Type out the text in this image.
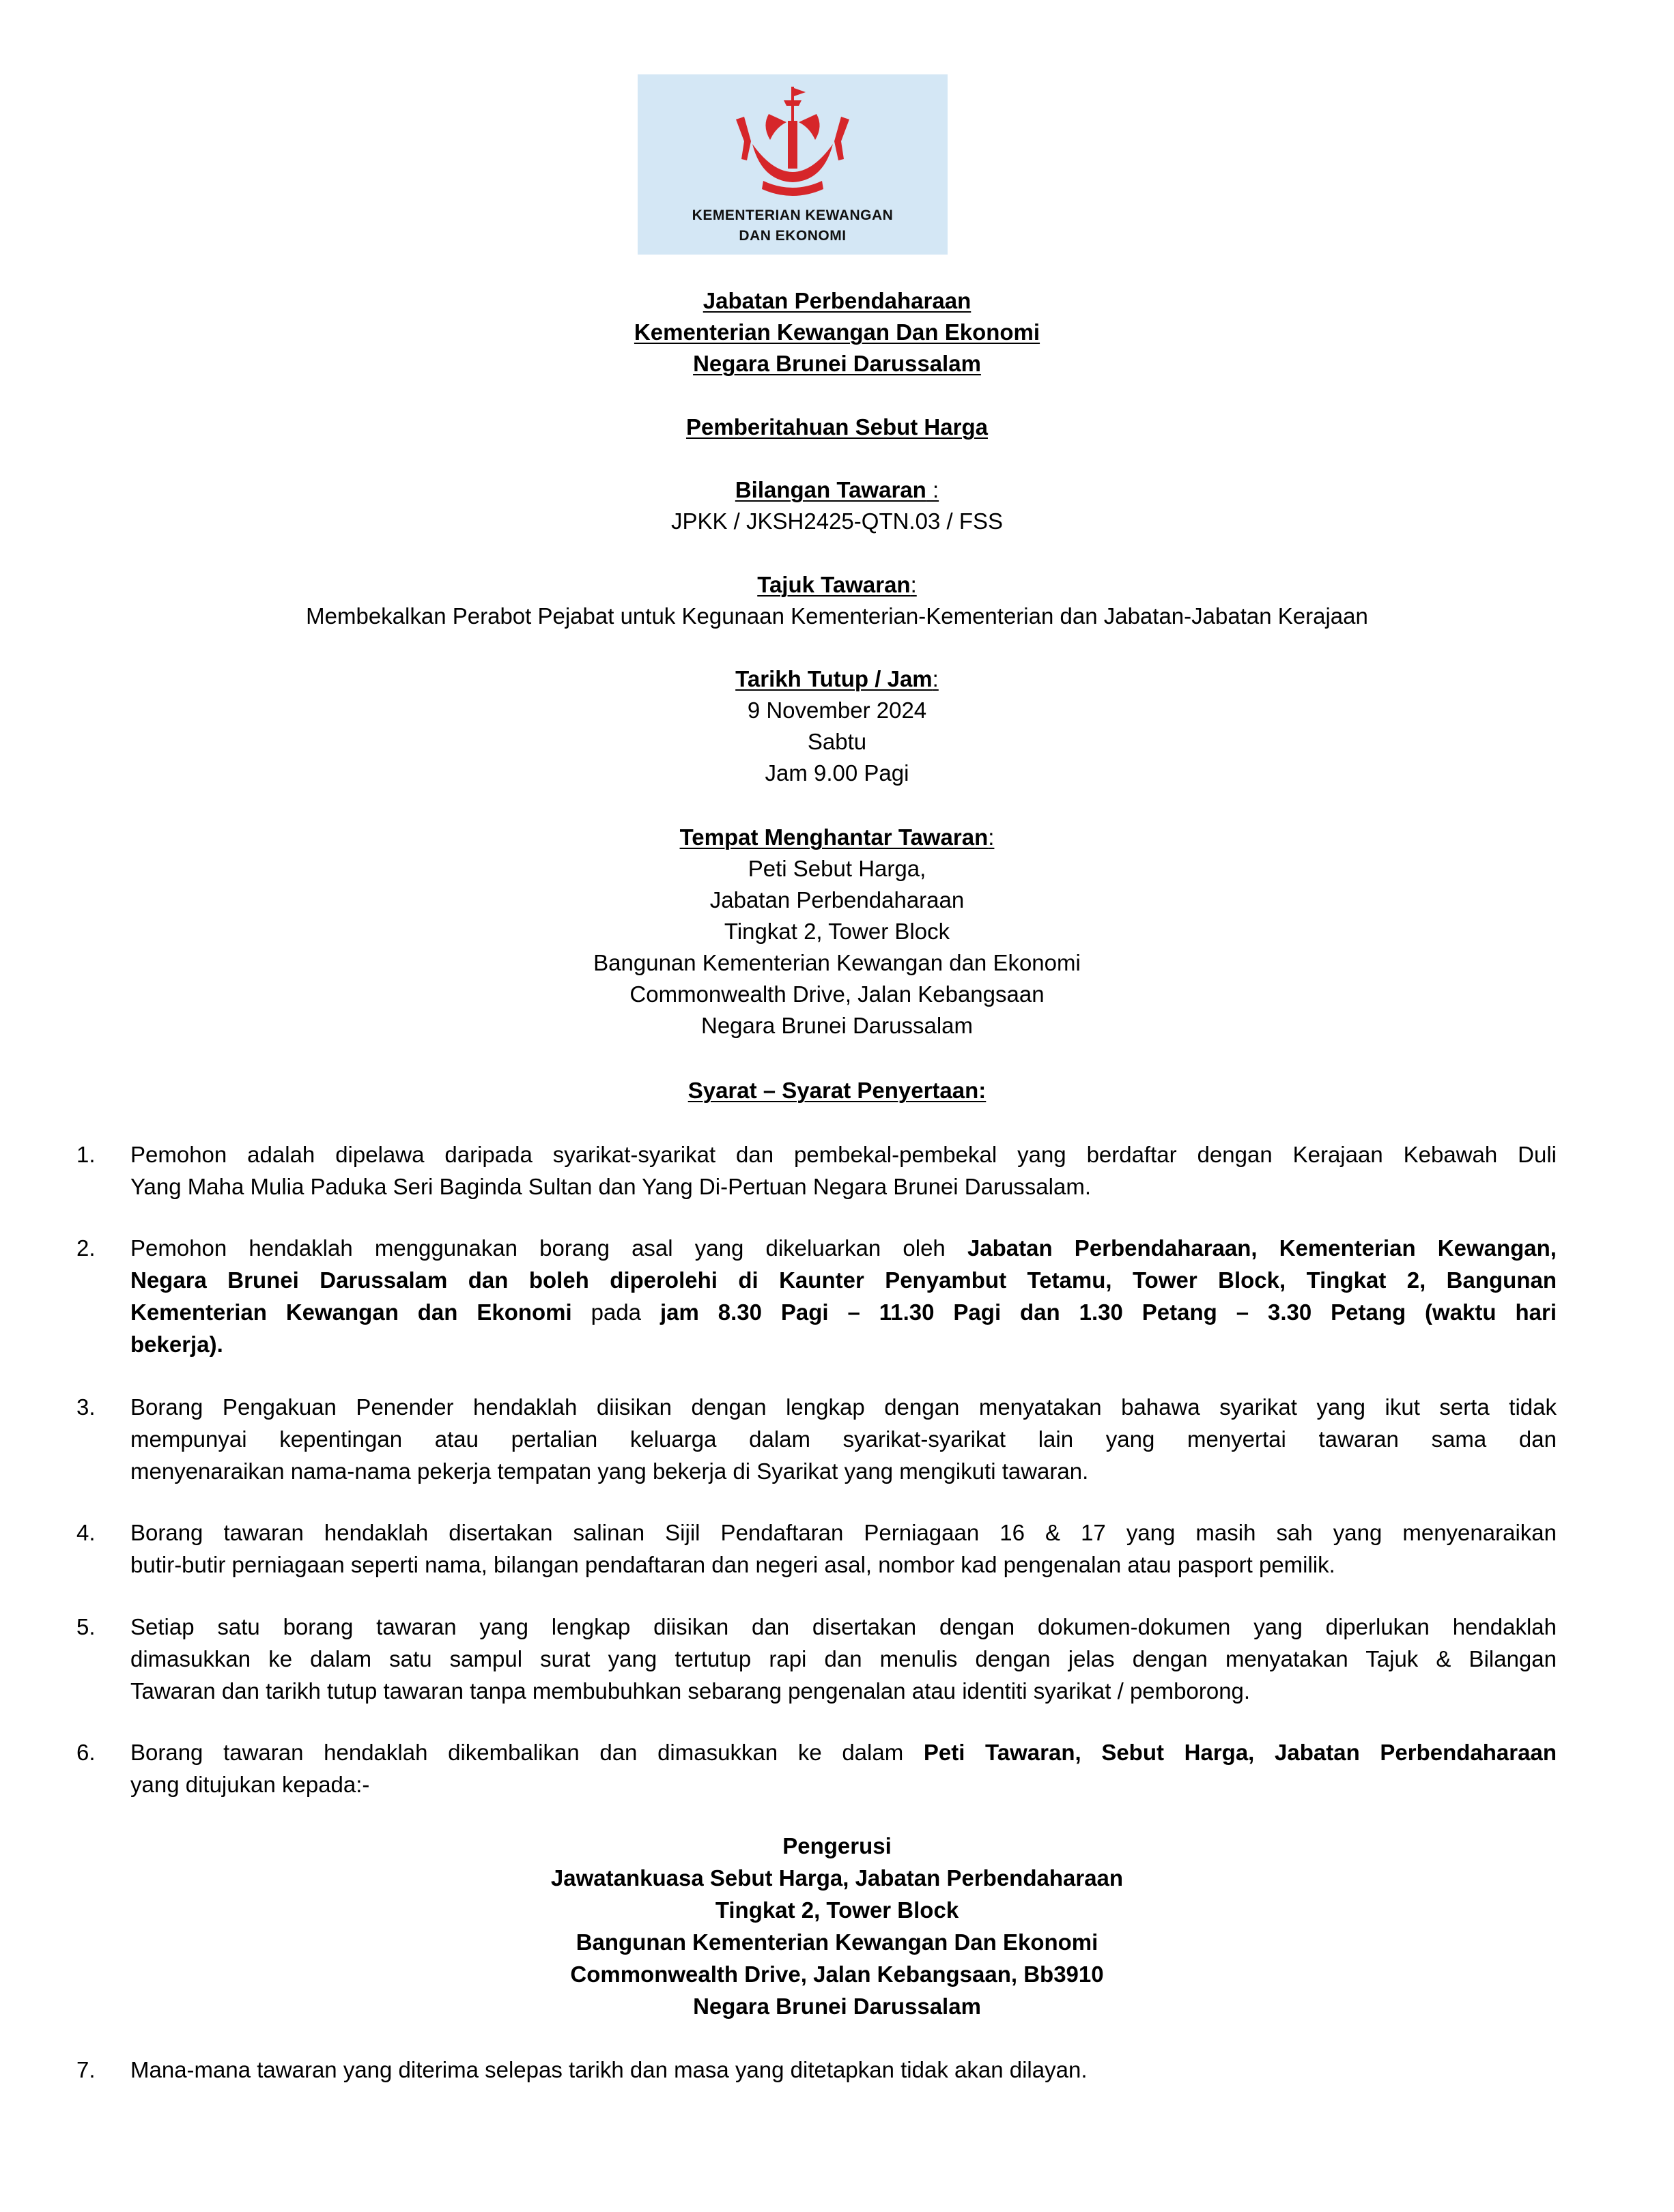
KEMENTERIAN KEWANGAN
DAN EKONOMI
Jabatan Perbendaharaan
Kementerian Kewangan Dan Ekonomi
Negara Brunei Darussalam
Pemberitahuan Sebut Harga
Bilangan Tawaran :
JPKK / JKSH2425-QTN.03 / FSS
Tajuk Tawaran:
Membekalkan Perabot Pejabat untuk Kegunaan Kementerian-Kementerian dan Jabatan-Jabatan Kerajaan
Tarikh Tutup / Jam:
9 November 2024
Sabtu
Jam 9.00 Pagi
Tempat Menghantar Tawaran:
Peti Sebut Harga,
Jabatan Perbendaharaan
Tingkat 2, Tower Block
Bangunan Kementerian Kewangan dan Ekonomi
Commonwealth Drive, Jalan Kebangsaan
Negara Brunei Darussalam
Syarat – Syarat Penyertaan:
1.	Pemohon adalah dipelawa daripada syarikat-syarikat dan pembekal-pembekal yang berdaftar dengan Kerajaan Kebawah Duli
Yang Maha Mulia Paduka Seri Baginda Sultan dan Yang Di-Pertuan Negara Brunei Darussalam.
2.	Pemohon hendaklah menggunakan borang asal yang dikeluarkan oleh Jabatan Perbendaharaan, Kementerian Kewangan,
Negara Brunei Darussalam dan boleh diperolehi di Kaunter Penyambut Tetamu, Tower Block, Tingkat 2, Bangunan
Kementerian Kewangan dan Ekonomi pada jam 8.30 Pagi – 11.30 Pagi dan 1.30 Petang – 3.30 Petang (waktu hari
bekerja).
3.	Borang Pengakuan Penender hendaklah diisikan dengan lengkap dengan menyatakan bahawa syarikat yang ikut serta tidak
mempunyai kepentingan atau pertalian keluarga dalam syarikat-syarikat lain yang menyertai tawaran sama dan
menyenaraikan nama-nama pekerja tempatan yang bekerja di Syarikat yang mengikuti tawaran.
4.	Borang tawaran hendaklah disertakan salinan Sijil Pendaftaran Perniagaan 16 & 17 yang masih sah yang menyenaraikan
butir-butir perniagaan seperti nama, bilangan pendaftaran dan negeri asal, nombor kad pengenalan atau pasport pemilik.
5.	Setiap satu borang tawaran yang lengkap diisikan dan disertakan dengan dokumen-dokumen yang diperlukan hendaklah
dimasukkan ke dalam satu sampul surat yang tertutup rapi dan menulis dengan jelas dengan menyatakan Tajuk & Bilangan
Tawaran dan tarikh tutup tawaran tanpa membubuhkan sebarang pengenalan atau identiti syarikat / pemborong.
6.	Borang tawaran hendaklah dikembalikan dan dimasukkan ke dalam Peti Tawaran, Sebut Harga, Jabatan Perbendaharaan
yang ditujukan kepada:-
Pengerusi
Jawatankuasa Sebut Harga, Jabatan Perbendaharaan
Tingkat 2, Tower Block
Bangunan Kementerian Kewangan Dan Ekonomi
Commonwealth Drive, Jalan Kebangsaan, Bb3910
Negara Brunei Darussalam
7.	Mana-mana tawaran yang diterima selepas tarikh dan masa yang ditetapkan tidak akan dilayan.
